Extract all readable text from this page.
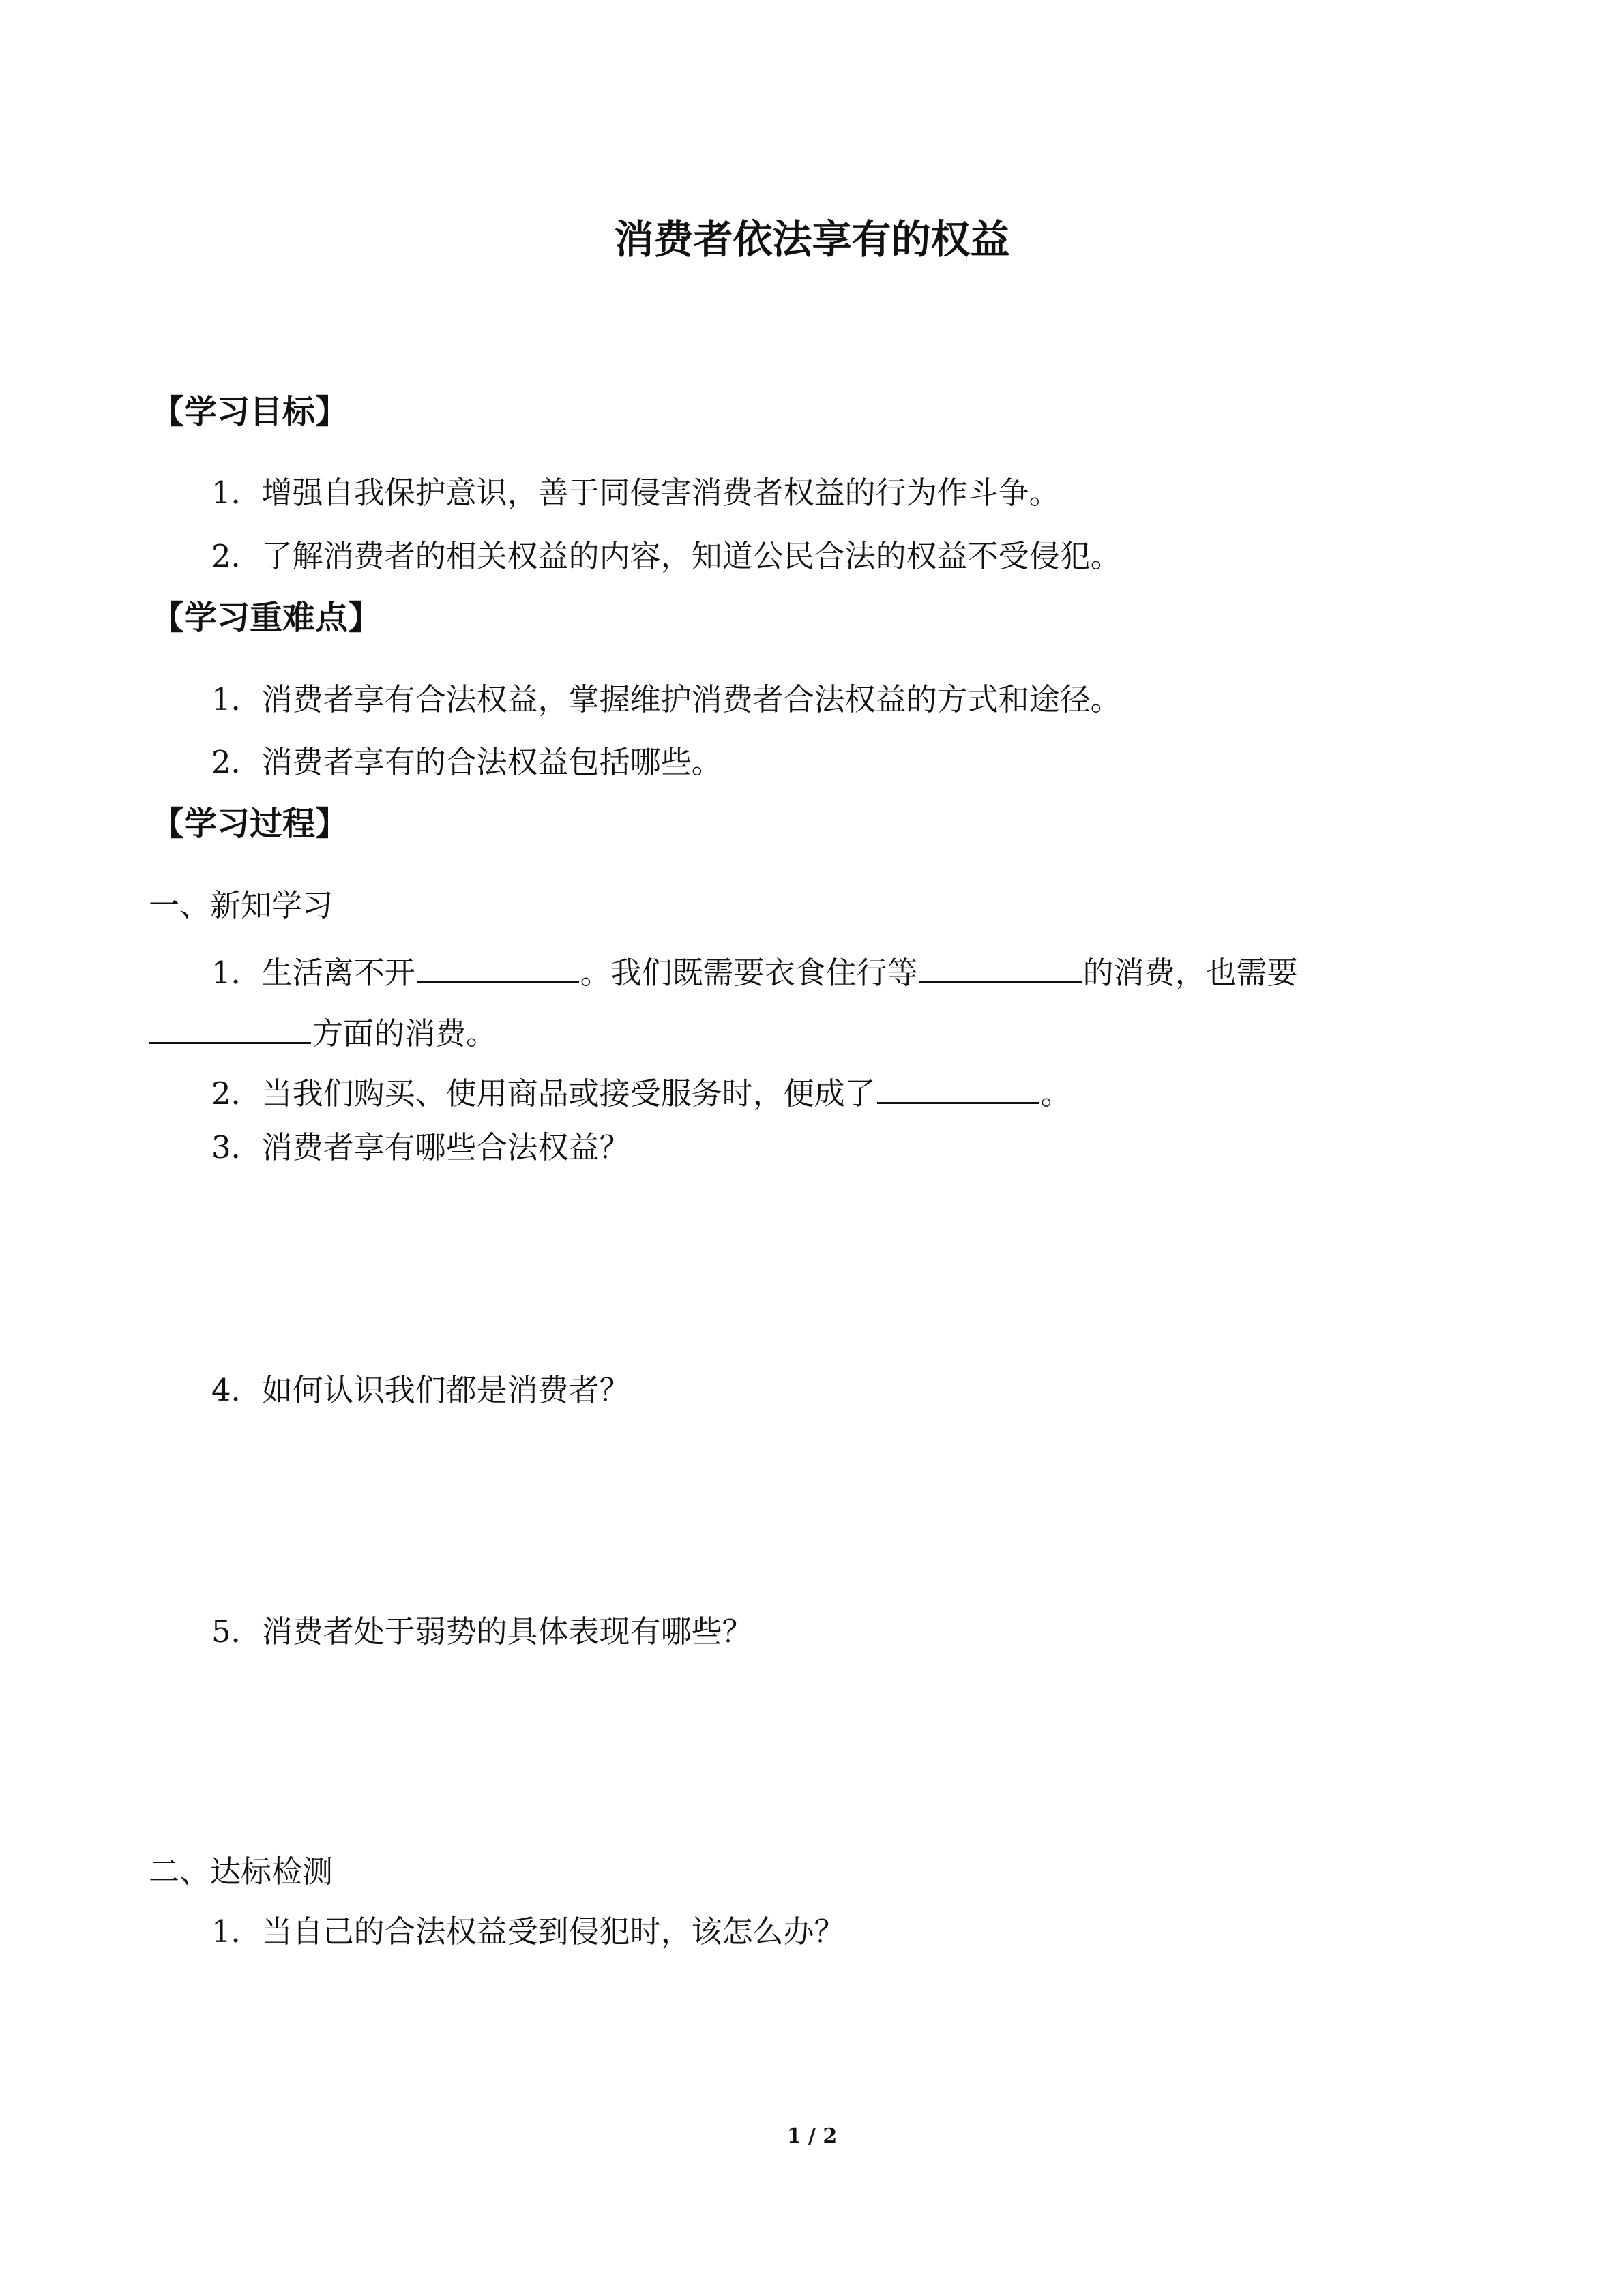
消费者依法享有的权益
【学习目标】
1．增强自我保护意识，善于同侵害消费者权益的行为作斗争。
2．了解消费者的相关权益的内容，知道公民合法的权益不受侵犯。
【学习重难点】
1．消费者享有合法权益，掌握维护消费者合法权益的方式和途径。
2．消费者享有的合法权益包括哪些。
【学习过程】
一、新知学习
1．生活离不开	。我们既需要衣食住行等	的消费，也需要
方面的消费。
2．当我们购买、使用商品或接受服务时，便成了	。
3．消费者享有哪些合法权益？
4．如何认识我们都是消费者？
5．消费者处于弱势的具体表现有哪些？
二、达标检测
1．当自己的合法权益受到侵犯时，该怎么办？
1 / 2
